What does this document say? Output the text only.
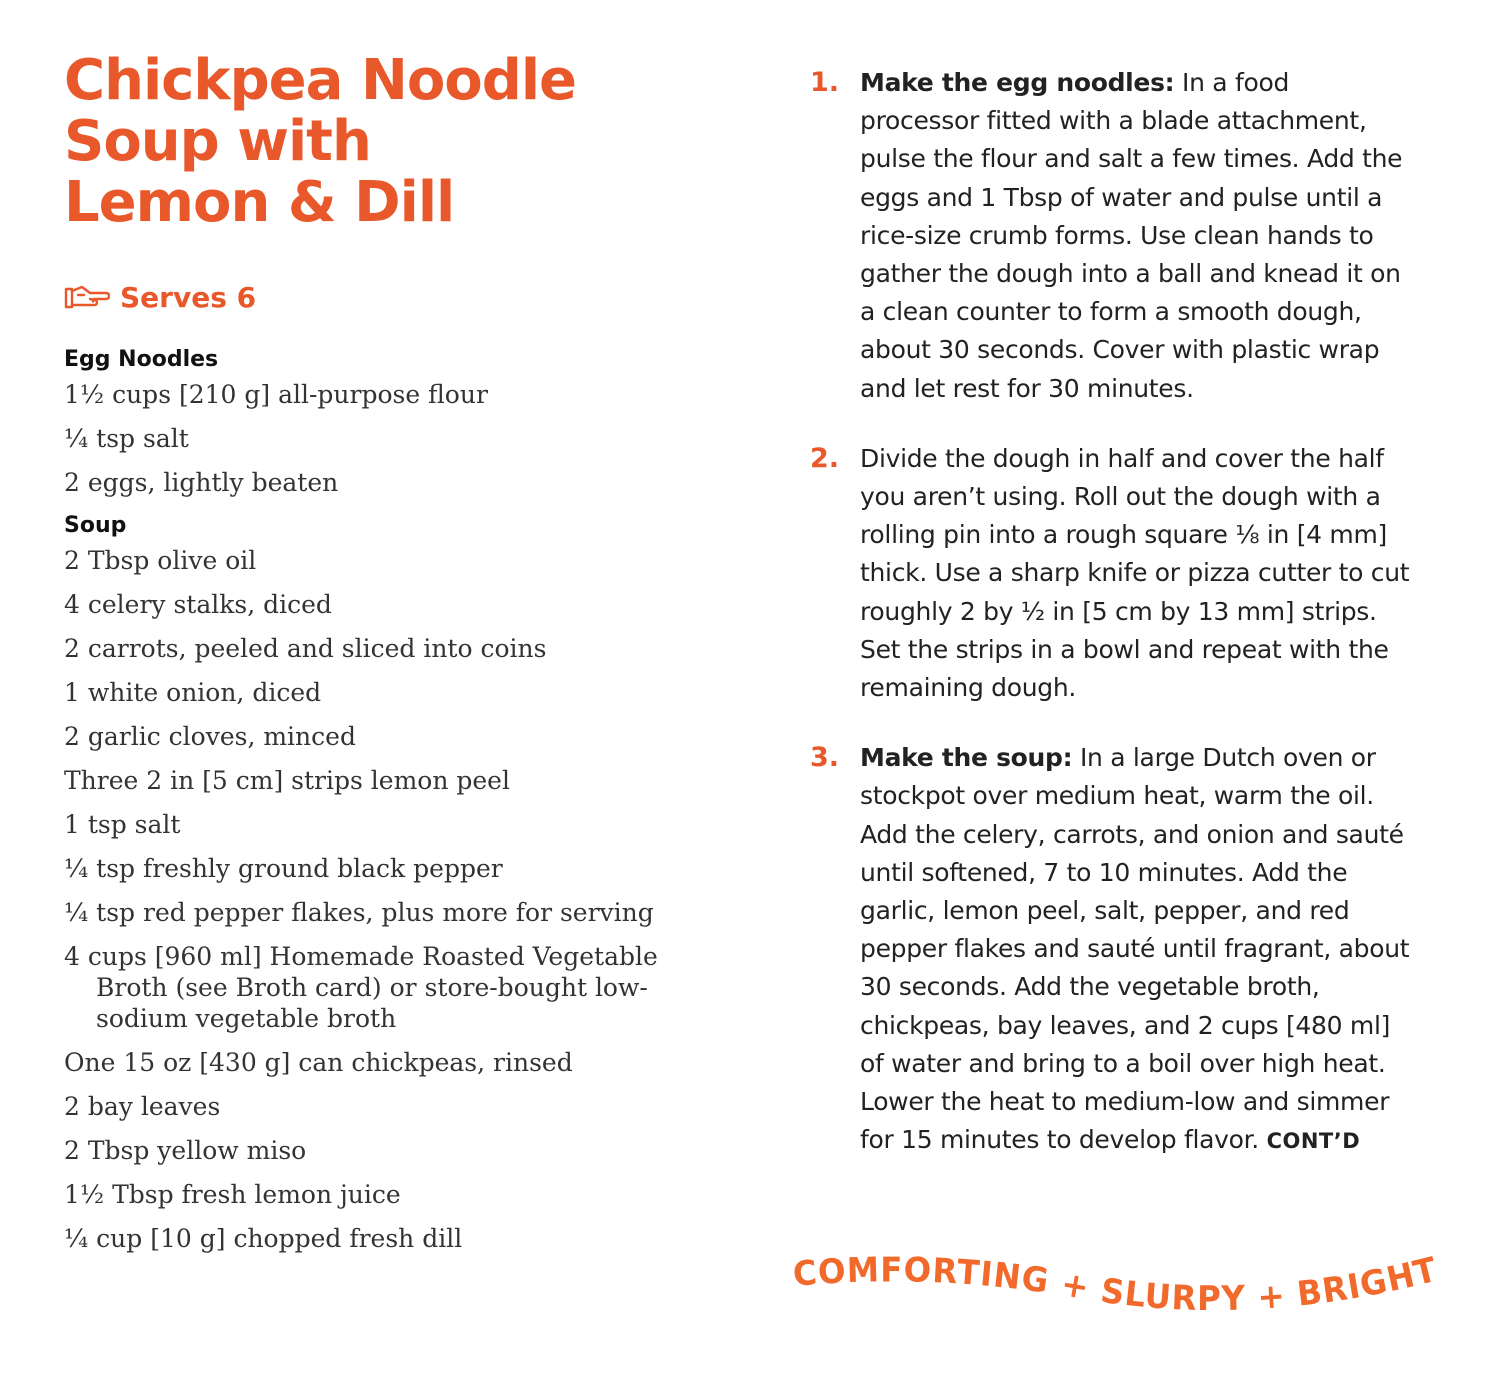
Chickpea Noodle
Soup with
Lemon & Dill
Serves 6
Egg Noodles
1½ cups [210 g] all-purpose flour
¼ tsp salt
2 eggs, lightly beaten
Soup
2 Tbsp olive oil
4 celery stalks, diced
2 carrots, peeled and sliced into coins
1 white onion, diced
2 garlic cloves, minced
Three 2 in [5 cm] strips lemon peel
1 tsp salt
¼ tsp freshly ground black pepper
¼ tsp red pepper flakes, plus more for serving
4 cups [960 ml] Homemade Roasted Vegetable Broth (see Broth card) or store-bought low-sodium vegetable broth
One 15 oz [430 g] can chickpeas, rinsed
2 bay leaves
2 Tbsp yellow miso
1½ Tbsp fresh lemon juice
¼ cup [10 g] chopped fresh dill
1. Make the egg noodles: In a food processor fitted with a blade attachment, pulse the flour and salt a few times. Add the eggs and 1 Tbsp of water and pulse until a rice-size crumb forms. Use clean hands to gather the dough into a ball and knead it on a clean counter to form a smooth dough, about 30 seconds. Cover with plastic wrap and let rest for 30 minutes.

2. Divide the dough in half and cover the half you aren’t using. Roll out the dough with a rolling pin into a rough square ⅛ in [4 mm] thick. Use a sharp knife or pizza cutter to cut roughly 2 by ½ in [5 cm by 13 mm] strips. Set the strips in a bowl and repeat with the remaining dough.

3. Make the soup: In a large Dutch oven or stockpot over medium heat, warm the oil. Add the celery, carrots, and onion and sauté until softened, 7 to 10 minutes. Add the garlic, lemon peel, salt, pepper, and red pepper flakes and sauté until fragrant, about 30 seconds. Add the vegetable broth, chickpeas, bay leaves, and 2 cups [480 ml] of water and bring to a boil over high heat. Lower the heat to medium-low and simmer for 15 minutes to develop flavor. CONT’D

COMFORTING + SLURPY + BRIGHT
